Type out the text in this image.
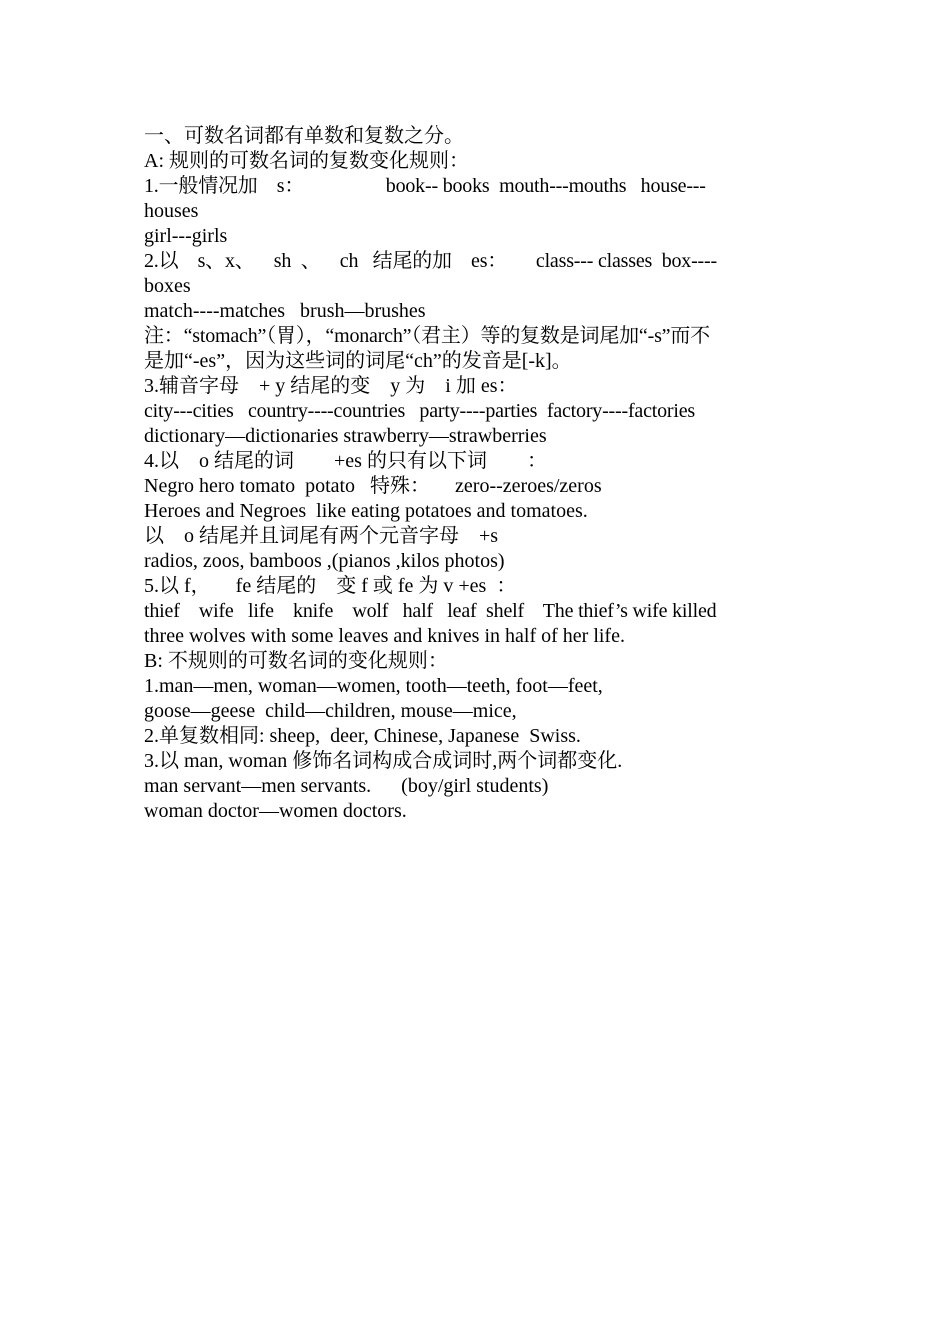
一、可数名词都有单数和复数之分。
A: 规则的可数名词的复数变化规则：
1.一般情况加    s：                 book-- books  mouth---mouths   house---
houses
girl---girls
2.以    s、x、    sh  、    ch   结尾的加    es：      class--- classes  box----
boxes
match----matches   brush—brushes
注：“stomach”（胃），“monarch”（君主）等的复数是词尾加“-s”而不
是加“-es”，因为这些词的词尾“ch”的发音是[-k]。
3.辅音字母    + y 结尾的变    y 为    i 加 es：
city---cities   country----countries   party----parties  factory----factories
dictionary—dictionaries strawberry—strawberries
4.以    o 结尾的词        +es 的只有以下词        ：
Negro hero tomato  potato   特殊：     zero--zeroes/zeros
Heroes and Negroes  like eating potatoes and tomatoes.
以    o 结尾并且词尾有两个元音字母    +s
radios, zoos, bamboos ,(pianos ,kilos photos)
5.以 f，     fe 结尾的    变 f 或 fe 为 v +es  ：
thief    wife   life    knife    wolf   half   leaf  shelf    The thief’s wife killed
three wolves with some leaves and knives in half of her life.
B: 不规则的可数名词的变化规则：
1.man—men, woman—women, tooth—teeth, foot—feet,
goose—geese  child—children, mouse—mice,
2.单复数相同: sheep,  deer, Chinese, Japanese  Swiss.
3.以 man, woman 修饰名词构成合成词时,两个词都变化.
man servant—men servants.      (boy/girl students)
woman doctor—women doctors.
